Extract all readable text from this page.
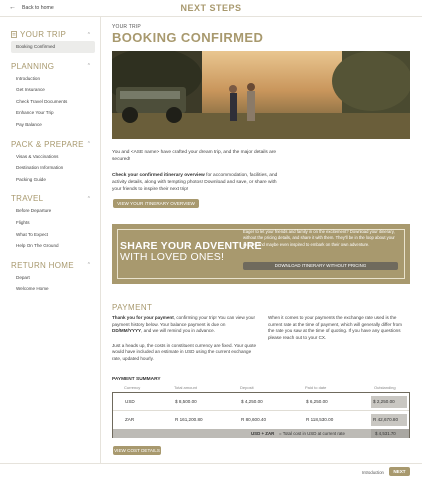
← Back to home	NEXT STEPS
YOUR TRIP	⌃
Booking Confirmed
PLANNING	⌃
Introduction
Get Insurance
Check Travel Documents
Enhance Your Trip
Pay Balance
PACK & PREPARE ⌃
Visas & Vaccinations
Destination Information
Packing Guide
TRAVEL	⌃
Before Departure
Flights
What To Expect
Help On The Ground
RETURN HOME	⌃
Depart
Welcome Home
YOUR TRIP
BOOKING CONFIRMED
You and <ASE name> have crafted your dream trip, and the major details are secured!
Check your confirmed itinerary overview for accommodation, facilities, and activity details, along with tempting photos! Download and save, or share with your friends to inspire their next trip!
VIEW YOUR ITINERARY OVERVIEW
SHARE YOUR ADVENTURE
WITH LOVED ONES!
Eager to let your friends and family in on the excitement? Download your itinerary, without the pricing details, and share it with them. They'll be in the loop about your journey and maybe even inspired to embark on their own adventure.
DOWNLOAD ITINERARY WITHOUT PRICING
PAYMENT
Thank you for your payment, confirming your trip! You can view your payment history below. Your balance payment is due on DD/MM/YYYY, and we will remind you in advance.
Just a heads up, the costs in constituent currency are fixed. Your quote would have included an estimate in USD using the current exchange rate, updated hourly.
When it comes to your payments the exchange rate used is the current rate at the time of payment, which will generally differ from the rate you saw at the time of quoting. If you have any questions please reach out to your CX.
PAYMENT SUMMARY
Currency	Total amount	Deposit	Paid to date	Outstanding
USD	$ 8,500.00	$ 4,250.00	$ 6,250.00	$ 2,250.00
ZAR	R 161,200.80	R 80,600.40	R 118,530.00	R 42,670.80
USD + ZAR = Total cost in USD at current rate	$ 4,531.70
VIEW COST DETAILS
Introduction	NEXT
